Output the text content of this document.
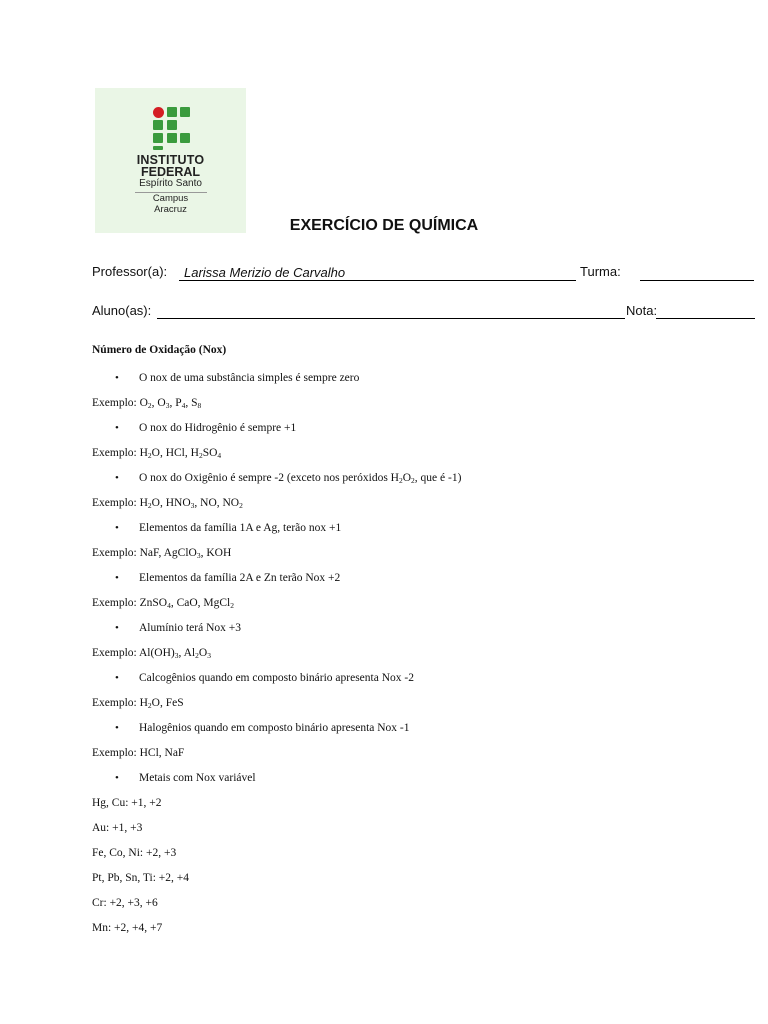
INSTITUTO
FEDERAL
Espírito Santo
Campus
Aracruz
EXERCÍCIO DE QUÍMICA
Professor(a): Larissa Merizio de Carvalho	Turma:
Aluno(as):	Nota:
Número de Oxidação (Nox)
• O nox de uma substância simples é sempre zero
Exemplo: $O_2$, $O_3$, $P_4$, $S_8$
• O nox do Hidrogênio é sempre +1
Exemplo: $H_2O$, HCl, $H_2SO_4$
• O nox do Oxigênio é sempre -2 (exceto nos peróxidos $H_2O_2$, que é -1)
Exemplo: $H_2O$, $HNO_3$, NO, $NO_2$
• Elementos da família 1A e Ag, terão nox +1
Exemplo: NaF, AgClO$_3$, KOH
• Elementos da família 2A e Zn terão Nox +2
Exemplo: ZnSO$_4$, CaO, MgCl$_2$
• Alumínio terá Nox +3
Exemplo: $Al(OH)_3$, $Al_2O_3$
• Calcogênios quando em composto binário apresenta Nox -2
Exemplo: $H_2O$, FeS
• Halogênios quando em composto binário apresenta Nox -1
Exemplo: HCl, NaF
• Metais com Nox variável
Hg, Cu: +1, +2
Au: +1, +3
Fe, Co, Ni: +2, +3
Pt, Pb, Sn, Ti: +2, +4
Cr: +2, +3, +6
Mn: +2, +4, +7
